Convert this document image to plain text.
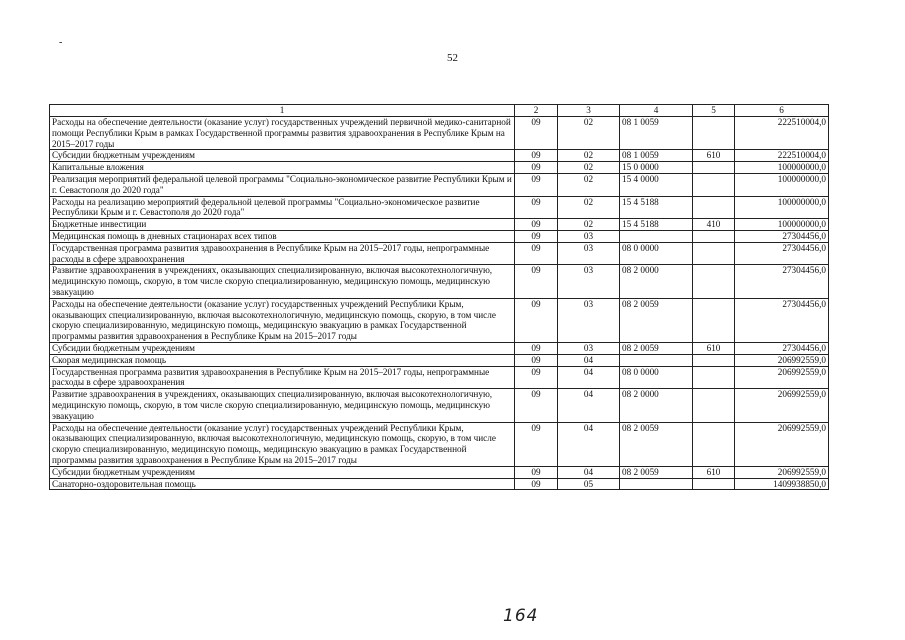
-
52
1	2	3	4	5	6
Расходы на обеспечение деятельности (оказание услуг) государственных учреждений первичной медико-санитарной помощи Республики Крым в рамках Государственной программы развития здравоохранения в Республике Крым на 2015–2017 годы	09	02	08 1 0059		222510004,0
Субсидии бюджетным учреждениям	09	02	08 1 0059	610	222510004,0
Капитальные вложения	09	02	15 0 0000		100000000,0
Реализация мероприятий федеральной целевой программы "Социально-экономическое развитие Республики Крым и г. Севастополя до 2020 года"	09	02	15 4 0000		100000000,0
Расходы на реализацию мероприятий федеральной целевой программы "Социально-экономическое развитие Республики Крым и г. Севастополя до 2020 года"	09	02	15 4 5188		100000000,0
Бюджетные инвестиции	09	02	15 4 5188	410	100000000,0
Медицинская помощь в дневных стационарах всех типов	09	03			27304456,0
Государственная программа развития здравоохранения в Республике Крым на 2015–2017 годы, непрограммные расходы в сфере здравоохранения	09	03	08 0 0000		27304456,0
Развитие здравоохранения в учреждениях, оказывающих специализированную, включая высокотехнологичную, медицинскую помощь, скорую, в том числе скорую специализированную, медицинскую помощь, медицинскую эвакуацию	09	03	08 2 0000		27304456,0
Расходы на обеспечение деятельности (оказание услуг) государственных учреждений Республики Крым, оказывающих специализированную, включая высокотехнологичную, медицинскую помощь, скорую, в том числе скорую специализированную, медицинскую помощь, медицинскую эвакуацию в рамках Государственной программы развития здравоохранения в Республике Крым на 2015–2017 годы	09	03	08 2 0059		27304456,0
Субсидии бюджетным учреждениям	09	03	08 2 0059	610	27304456,0
Скорая медицинская помощь	09	04			206992559,0
Государственная программа развития здравоохранения в Республике Крым на 2015–2017 годы, непрограммные расходы в сфере здравоохранения	09	04	08 0 0000		206992559,0
Развитие здравоохранения в учреждениях, оказывающих специализированную, включая высокотехнологичную, медицинскую помощь, скорую, в том числе скорую специализированную, медицинскую помощь, медицинскую эвакуацию	09	04	08 2 0000		206992559,0
Расходы на обеспечение деятельности (оказание услуг) государственных учреждений Республики Крым, оказывающих специализированную, включая высокотехнологичную, медицинскую помощь, скорую, в том числе скорую специализированную, медицинскую помощь, медицинскую эвакуацию в рамках Государственной программы развития здравоохранения в Республике Крым на 2015–2017 годы	09	04	08 2 0059		206992559,0
Субсидии бюджетным учреждениям	09	04	08 2 0059	610	206992559,0
Санаторно-оздоровительная помощь	09	05			1409938850,0
164
